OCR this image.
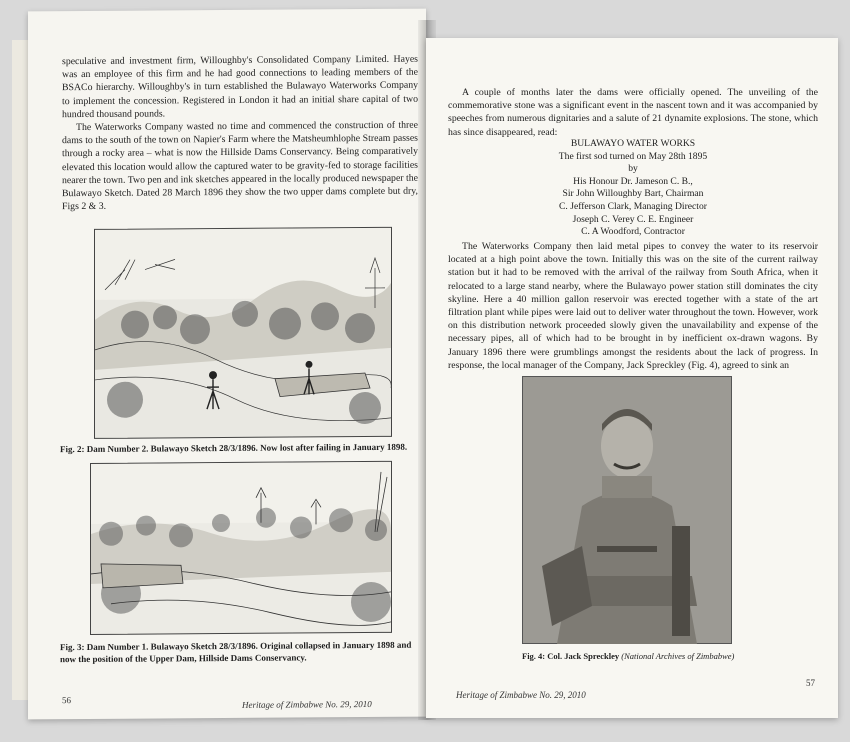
speculative and investment firm, Willoughby's Consolidated Company Limited. Hayes was an employee of this firm and he had good connections to leading members of the BSACo hierarchy. Willoughby's in turn established the Bulawayo Waterworks Company to implement the concession. Registered in London it had an initial share capital of two hundred thousand pounds.

The Waterworks Company wasted no time and commenced the construction of three dams to the south of the town on Napier's Farm where the Matsheumhlophe Stream passes through a rocky area – what is now the Hillside Dams Conservancy. Being comparatively elevated this location would allow the captured water to be gravity-fed to storage facilities nearer the town. Two pen and ink sketches appeared in the locally produced newspaper the Bulawayo Sketch. Dated 28 March 1896 they show the two upper dams complete but dry, Figs 2 & 3.

Fig. 2: Dam Number 2. Bulawayo Sketch 28/3/1896. Now lost after failing in January 1898.
Fig. 3: Dam Number 1. Bulawayo Sketch 28/3/1896. Original collapsed in January 1898 and now the position of the Upper Dam, Hillside Dams Conservancy.
56	Heritage of Zimbabwe No. 29, 2010

A couple of months later the dams were officially opened. The unveiling of the commemorative stone was a significant event in the nascent town and it was accompanied by speeches from numerous dignitaries and a salute of 21 dynamite explosions. The stone, which has since disappeared, read:

BULAWAYO WATER WORKS
The first sod turned on May 28th 1895
by
His Honour Dr. Jameson C. B.,
Sir John Willoughby Bart, Chairman
C. Jefferson Clark, Managing Director
Joseph C. Verey C. E. Engineer
C. A Woodford, Contractor

The Waterworks Company then laid metal pipes to convey the water to its reservoir located at a high point above the town. Initially this was on the site of the current railway station but it had to be removed with the arrival of the railway from South Africa, when it relocated to a large stand nearby, where the Bulawayo power station still dominates the city skyline. Here a 40 million gallon reservoir was erected together with a state of the art filtration plant while pipes were laid out to deliver water throughout the town. However, work on this distribution network proceeded slowly given the unavailability and expense of the necessary pipes, all of which had to be brought in by inefficient ox-drawn wagons. By January 1896 there were grumblings amongst the residents about the lack of progress. In response, the local manager of the Company, Jack Spreckley (Fig. 4), agreed to sink an

Fig. 4: Col. Jack Spreckley (National Archives of Zimbabwe)
Heritage of Zimbabwe No. 29, 2010
57
